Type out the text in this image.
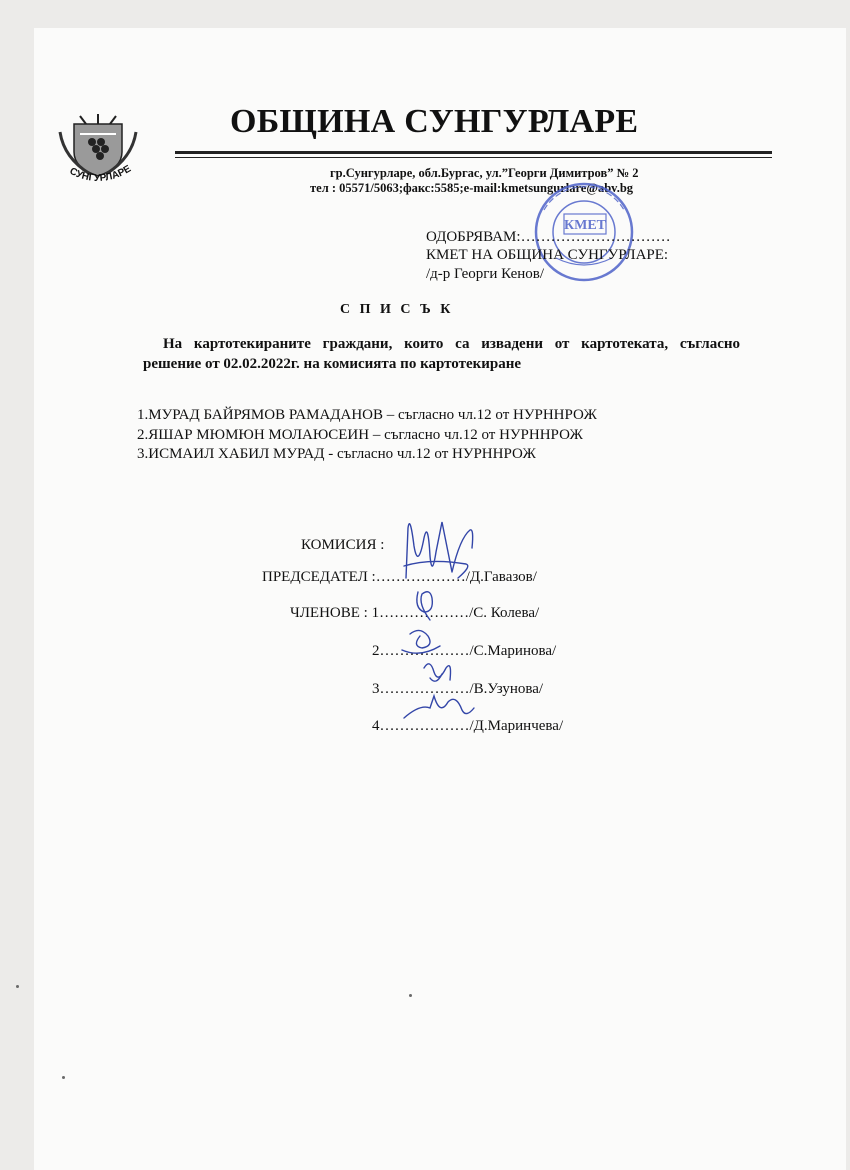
СУНГУРЛАРЕ
ОБЩИНА СУНГУРЛАРЕ
гр.Сунгурларе, обл.Бургас, ул.”Георги Димитров” № 2
тел : 05571/5063;факс:5585;e-mail:kmetsungurlare@abv.bg
КМЕТ
ОДОБРЯВАМ:…………………………
КМЕТ НА ОБЩИНА СУНГУРЛАРЕ:
/д-р Георги Кенов/
С П И С Ъ К
На картотекираните граждани, които са извадени от картотеката, съгласно
решение от 02.02.2022г. на комисията по картотекиране
1.МУРАД БАЙРЯМОВ РАМАДАНОВ – съгласно чл.12 от НУРННРОЖ
2.ЯШАР МЮМЮН МОЛАЮСЕИН – съгласно чл.12 от НУРННРОЖ
3.ИСМАИЛ ХАБИЛ МУРАД - съгласно чл.12 от НУРННРОЖ
КОМИСИЯ :
ПРЕДСЕДАТЕЛ :………………/Д.Гавазов/
ЧЛЕНОВЕ : 1………………/С. Колева/
2………………/С.Маринова/
3………………/В.Узунова/
4………………/Д.Маринчева/
